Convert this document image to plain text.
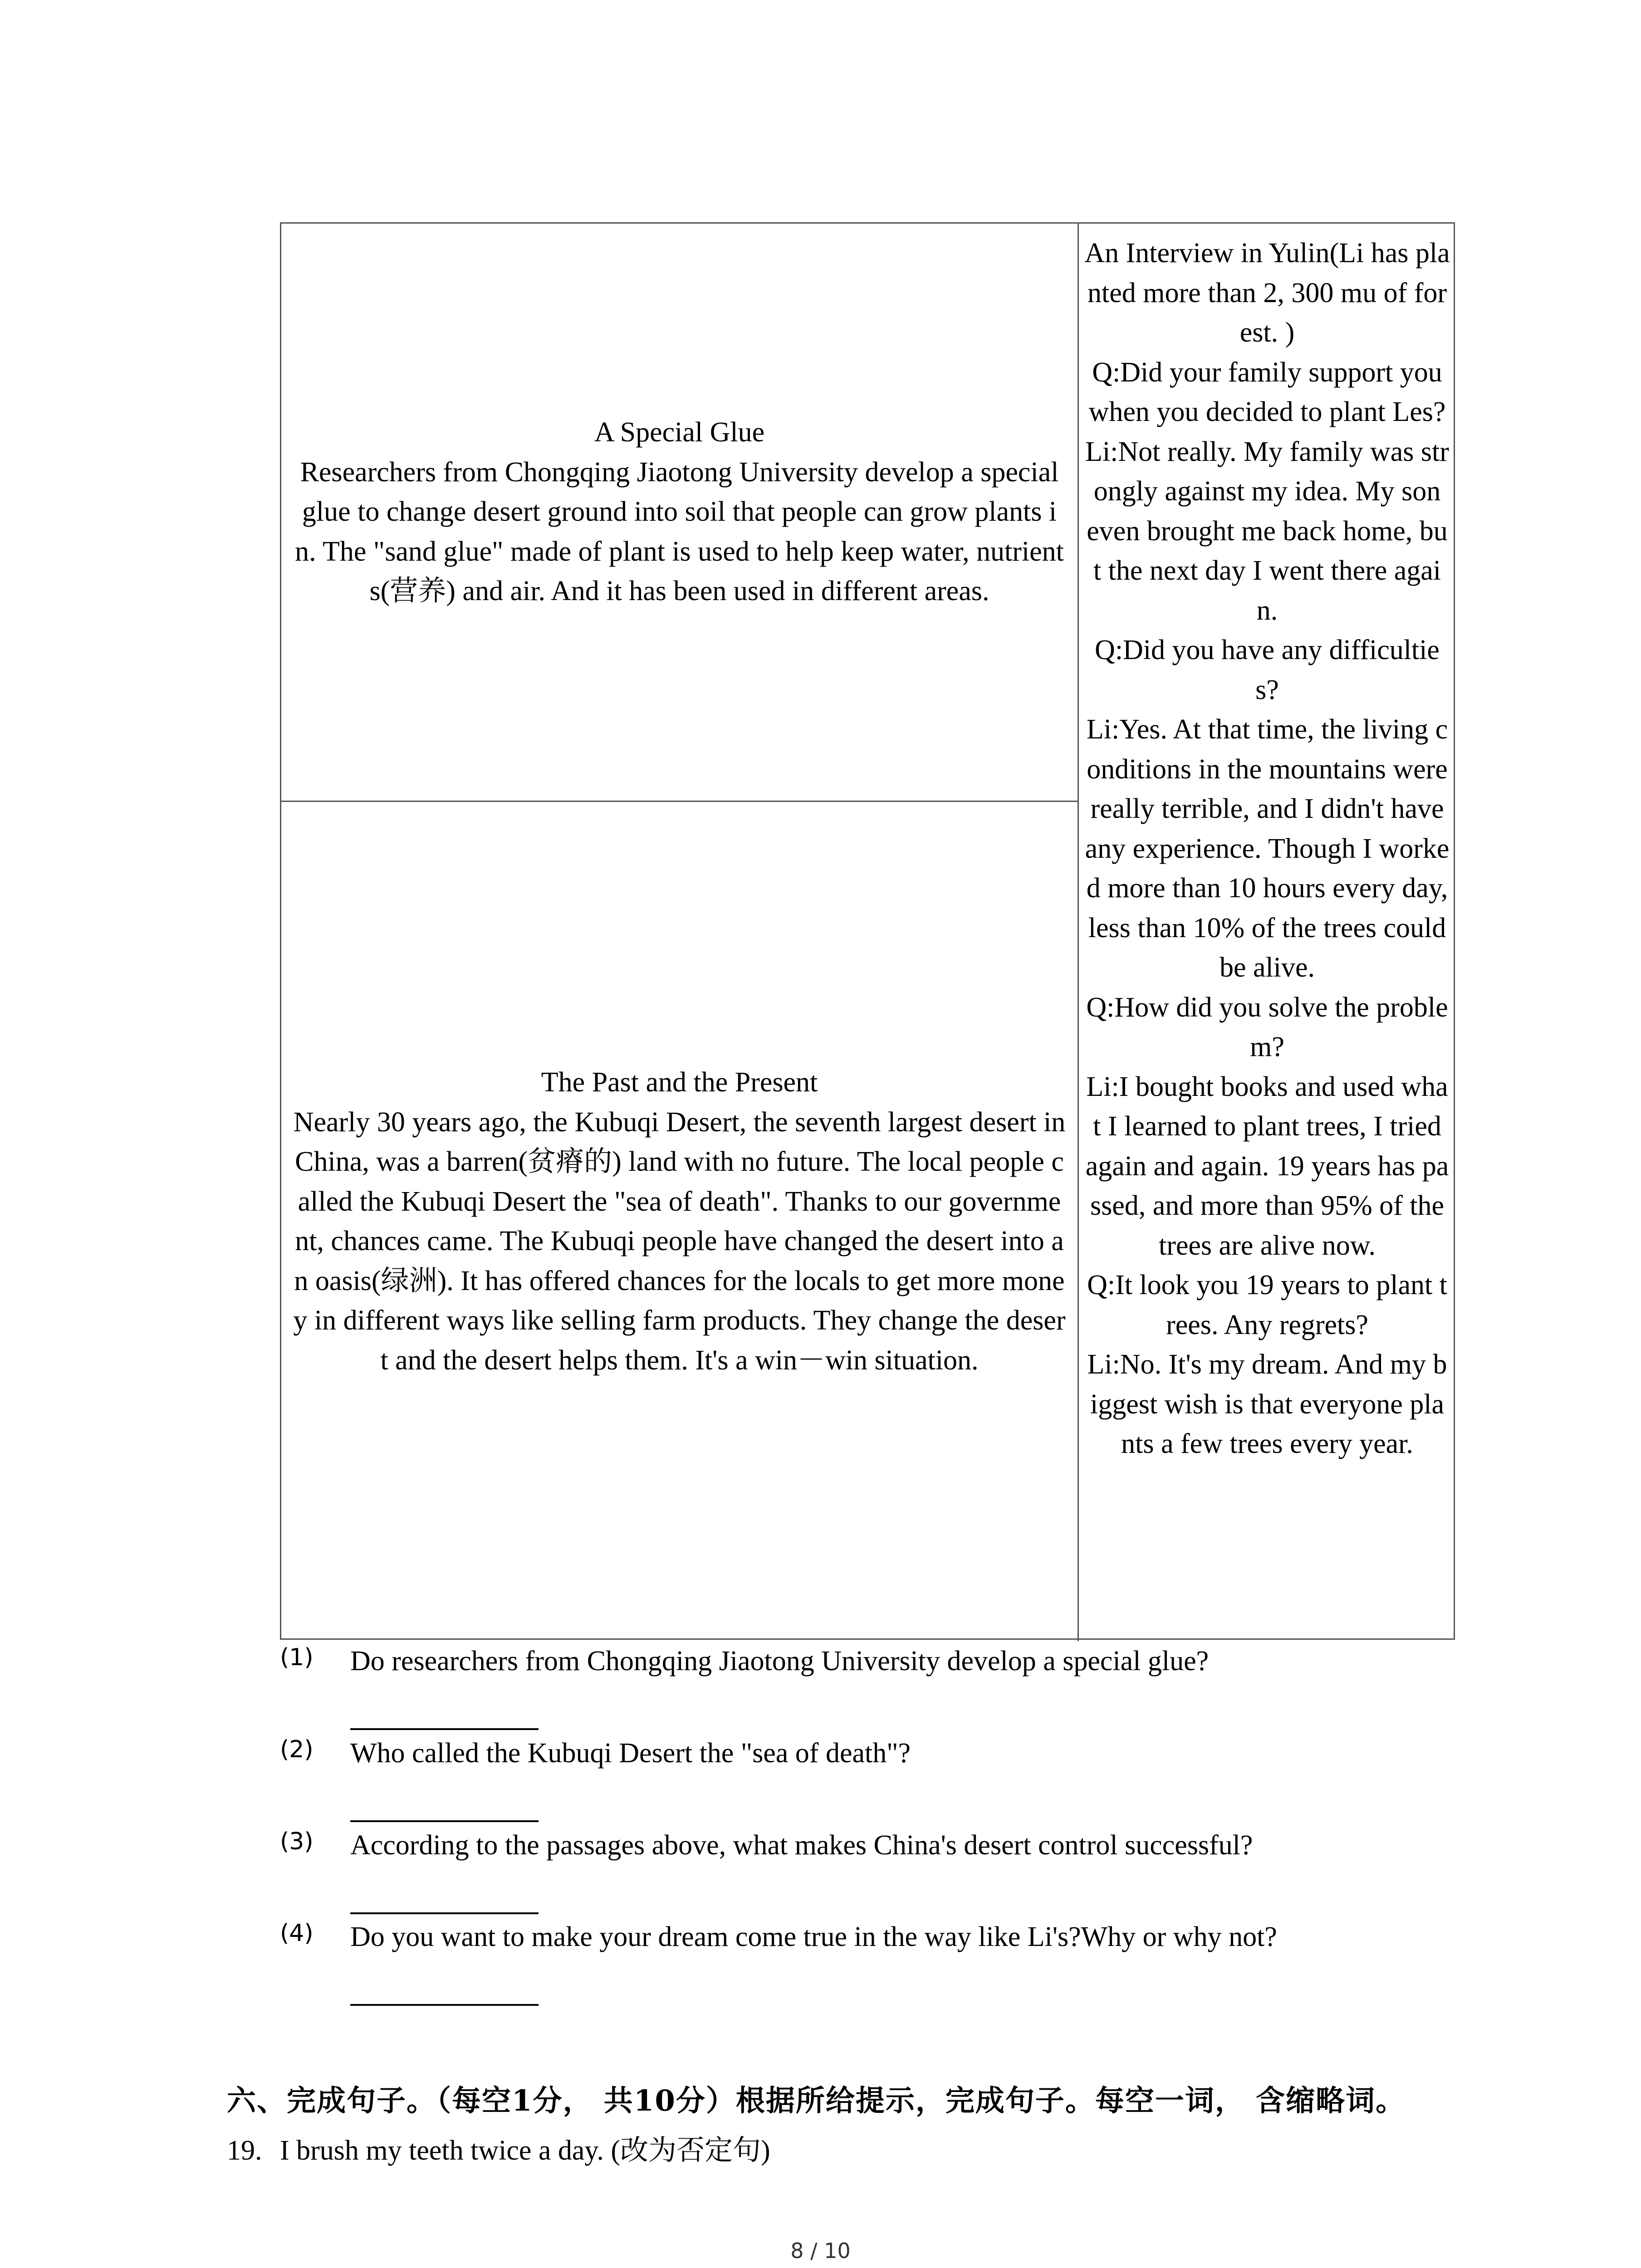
A Special Glue

Researchers from Chongqing Jiaotong University develop a special glue to change desert ground into soil that people can grow plants in. The "sand glue" made of plant is used to help keep water, nutrients(营养) and air. And it has been used in different areas.

The Past and the Present

Nearly 30 years ago, the Kubuqi Desert, the seventh largest desert in China, was a barren(贫瘠的) land with no future. The local people called the Kubuqi Desert the "sea of death". Thanks to our government, chances came. The Kubuqi people have changed the desert into an oasis(绿洲). It has offered chances for the locals to get more money in different ways like selling farm products. They change the desert and the desert helps them. It's a win－win situation.

An Interview in Yulin(Li has planted more than 2, 300 mu of forest. )

Q:Did your family support you when you decided to plant Les?

Li:Not really. My family was strongly against my idea. My son even brought me back home, but the next day I went there again.

Q:Did you have any difficulties?

Li:Yes. At that time, the living conditions in the mountains were really terrible, and I didn't have any experience. Though I worked more than 10 hours every day, less than 10% of the trees could be alive.

Q:How did you solve the problem?

Li:I bought books and used what I learned to plant trees, I tried again and again. 19 years has passed, and more than 95% of the trees are alive now.

Q:It look you 19 years to plant trees. Any regrets?

Li:No. It's my dream. And my biggest wish is that everyone plants a few trees every year.

(1) Do researchers from Chongqing Jiaotong University develop a special glue?
(2) Who called the Kubuqi Desert the "sea of death"?
(3) According to the passages above, what makes China's desert control successful?
(4) Do you want to make your dream come true in the way like Li's?Why or why not?
六、完成句子。（每空1分， 共10分）根据所给提示，完成句子。每空一词， 含缩略词。
19. I brush my teeth twice a day. (改为否定句)
8 / 10
